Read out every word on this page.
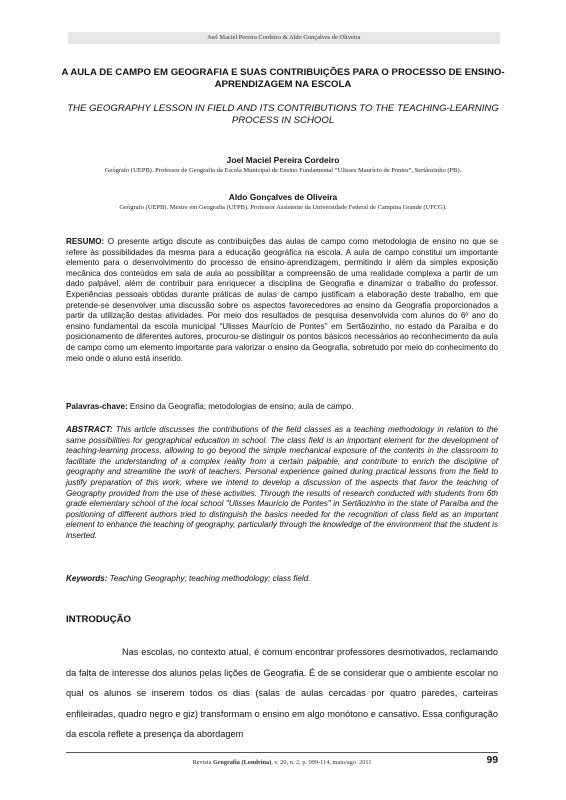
Joel Maciel Pereira Cordeiro & Aldo Gonçalves de Oliveira
A AULA DE CAMPO EM GEOGRAFIA E SUAS CONTRIBUIÇÕES PARA O PROCESSO DE ENSINO-APRENDIZAGEM NA ESCOLA
THE GEOGRAPHY LESSON IN FIELD AND ITS CONTRIBUTIONS TO THE TEACHING-LEARNING PROCESS IN SCHOOL
Joel Maciel Pereira Cordeiro
Geógrafo (UEPB). Professor de Geografia da Escola Municipal de Ensino Fundamental “Ulisses Maurício de Pontes”, Sertãozinho (PB).
Aldo Gonçalves de Oliveira
Geógrafo (UEPB). Mestre em Geografia (UFPB). Professor Assistente da Universidade Federal de Campina Grande (UFCG).
RESUMO: O presente artigo discute as contribuições das aulas de campo como metodologia de ensino no que se refere às possibilidades da mesma para a educação geográfica na escola. A aula de campo constitui um importante elemento para o desenvolvimento do processo de ensino-aprendizagem, permitindo ir além da simples exposição mecânica dos conteúdos em sala de aula ao possibilitar a compreensão de uma realidade complexa a partir de um dado palpável, além de contribuir para enriquecer a disciplina de Geografia e dinamizar o trabalho do professor. Experiências pessoais obtidas durante práticas de aulas de campo justificam a elaboração deste trabalho, em que pretende-se desenvolver uma discussão sobre os aspectos favorecedores ao ensino da Geografia proporcionados a partir da utilização destas atividades. Por meio dos resultados de pesquisa desenvolvida com alunos do 6º ano do ensino fundamental da escola municipal “Ulisses Maurício de Pontes” em Sertãozinho, no estado da Paraíba e do posicionamento de diferentes autores, procurou-se distinguir os pontos básicos necessários ao reconhecimento da aula de campo como um elemento importante para valorizar o ensino da Geografia, sobretudo por meio do conhecimento do meio onde o aluno está inserido.
Palavras-chave: Ensino da Geografia; metodologias de ensino; aula de campo.
ABSTRACT: This article discusses the contributions of the field classes as a teaching methodology in relation to the same possibilities for geographical education in school. The class field is an important element for the development of teaching-learning process, allowing to go beyond the simple mechanical exposure of the contents in the classroom to facilitate the understanding of a complex reality from a certain palpable, and contribute to enrich the discipline of geography and streamline the work of teachers. Personal experience gained during practical lessons from the field to justify preparation of this work, where we intend to develop a discussion of the aspects that favor the teaching of Geography provided from the use of these activities. Through the results of research conducted with students from 6th grade elementary school of the local school "Ulisses Maurício de Pontes" in Sertãozinho in the state of Paraíba and the positioning of different authors tried to distinguish the basics needed for the recognition of class field as an important element to enhance the teaching of geography, particularly through the knowledge of the environment that the student is inserted.
Keywords: Teaching Geography; teaching methodology; class field.
INTRODUÇÃO
Nas escolas, no contexto atual, é comum encontrar professores desmotivados, reclamando da falta de interesse dos alunos pelas lições de Geografia. É de se considerar que o ambiente escolar no qual os alunos se inserem todos os dias (salas de aulas cercadas por quatro paredes, carteiras enfileiradas, quadro negro e giz) transformam o ensino em algo monótono e cansativo. Essa configuração da escola reflete a presença da abordagem
Revista Geografia (Londrina), v. 20, n. 2, p. 099-114, maio/ago. 2011	99
